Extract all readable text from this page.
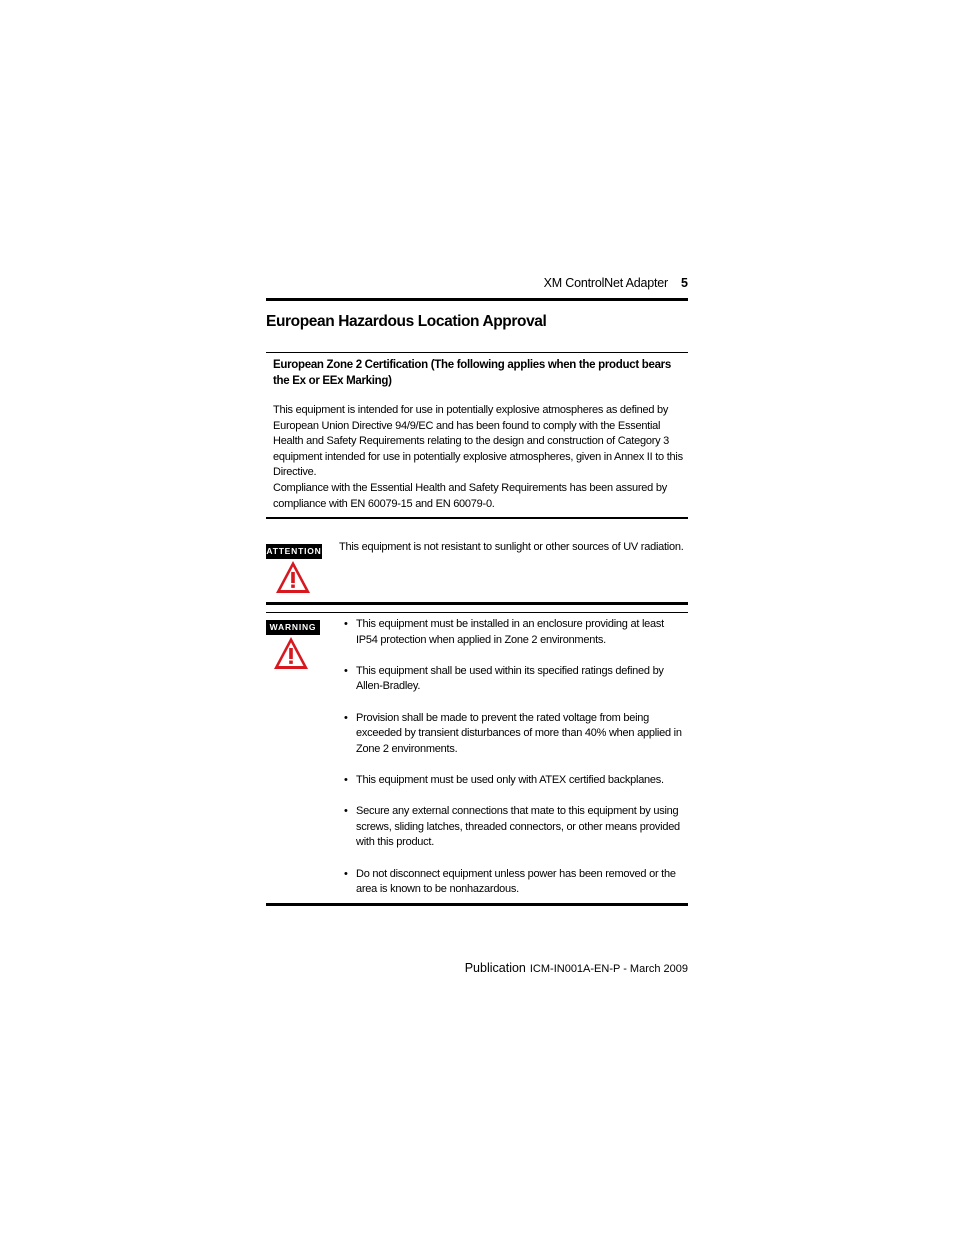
XM ControlNet Adapter 5
European Hazardous Location Approval
European Zone 2 Certification (The following applies when the product bears the Ex or EEx Marking)
This equipment is intended for use in potentially explosive atmospheres as defined by European Union Directive 94/9/EC and has been found to comply with the Essential Health and Safety Requirements relating to the design and construction of Category 3 equipment intended for use in potentially explosive atmospheres, given in Annex II to this Directive.
Compliance with the Essential Health and Safety Requirements has been assured by compliance with EN 60079-15 and EN 60079-0.
ATTENTION This equipment is not resistant to sunlight or other sources of UV radiation.
WARNING	• This equipment must be installed in an enclosure providing at least IP54 protection when applied in Zone 2 environments.
• This equipment shall be used within its specified ratings defined by Allen-Bradley.
• Provision shall be made to prevent the rated voltage from being exceeded by transient disturbances of more than 40% when applied in Zone 2 environments.
• This equipment must be used only with ATEX certified backplanes.
• Secure any external connections that mate to this equipment by using screws, sliding latches, threaded connectors, or other means provided with this product.
• Do not disconnect equipment unless power has been removed or the area is known to be nonhazardous.
Publication ICM-IN001A-EN-P - March 2009
